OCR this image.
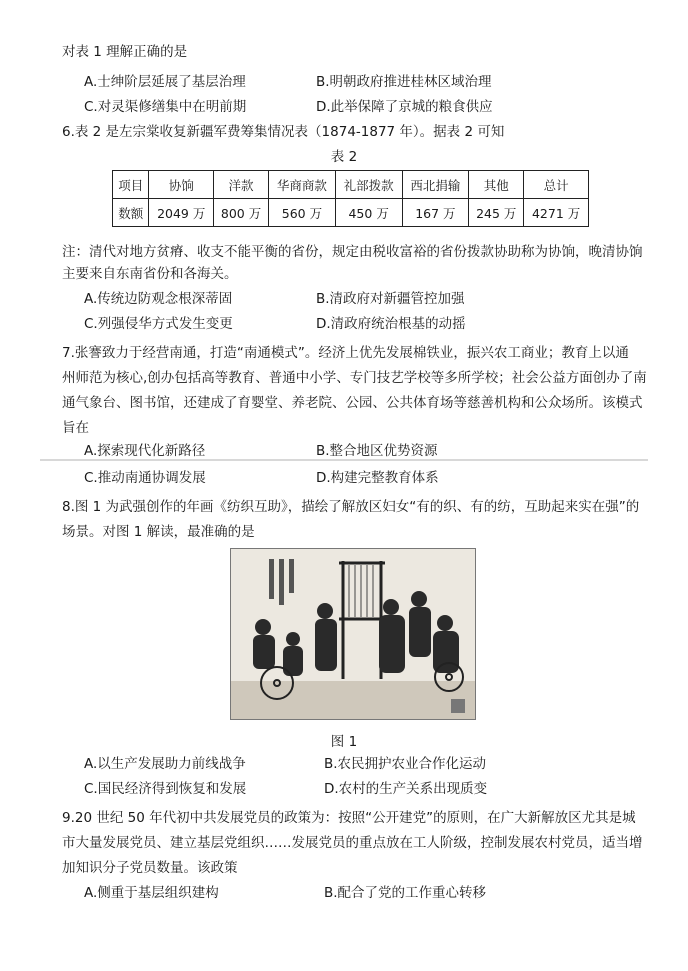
对表 1 理解正确的是
A.士绅阶层延展了基层治理	B.明朝政府推进桂林区域治理
C.对灵渠修缮集中在明前期	D.此举保障了京城的粮食供应
6.表 2 是左宗棠收复新疆军费筹集情况表（1874-1877 年）。据表 2 可知
表 2
项目	协饷	洋款	华商商款	礼部拨款	西北捐输	其他	总计
数额	2049 万	800 万	560 万	450 万	167 万	245 万	4271 万
注：清代对地方贫瘠、收支不能平衡的省份，规定由税收富裕的省份拨款协助称为协饷，晚清协饷
主要来自东南省份和各海关。
A.传统边防观念根深蒂固	B.清政府对新疆管控加强
C.列强侵华方式发生变更	D.清政府统治根基的动摇
7.张謇致力于经营南通，打造“南通模式”。经济上优先发展棉铁业，振兴农工商业；教育上以通
州师范为核心,创办包括高等教育、普通中小学、专门技艺学校等多所学校；社会公益方面创办了南
通气象台、图书馆，还建成了育婴堂、养老院、公园、公共体育场等慈善机构和公众场所。该模式
旨在
A.探索现代化新路径	B.整合地区优势资源
C.推动南通协调发展	D.构建完整教育体系
8.图 1 为武强创作的年画《纺织互助》，描绘了解放区妇女“有的织、有的纺，互助起来实在强”的
场景。对图 1 解读，最准确的是
图 1
A.以生产发展助力前线战争	B.农民拥护农业合作化运动
C.国民经济得到恢复和发展	D.农村的生产关系出现质变
9.20 世纪 50 年代初中共发展党员的政策为：按照“公开建党”的原则，在广大新解放区尤其是城
市大量发展党员、建立基层党组织……发展党员的重点放在工人阶级，控制发展农村党员，适当增
加知识分子党员数量。该政策
A.侧重于基层组织建构	B.配合了党的工作重心转移
